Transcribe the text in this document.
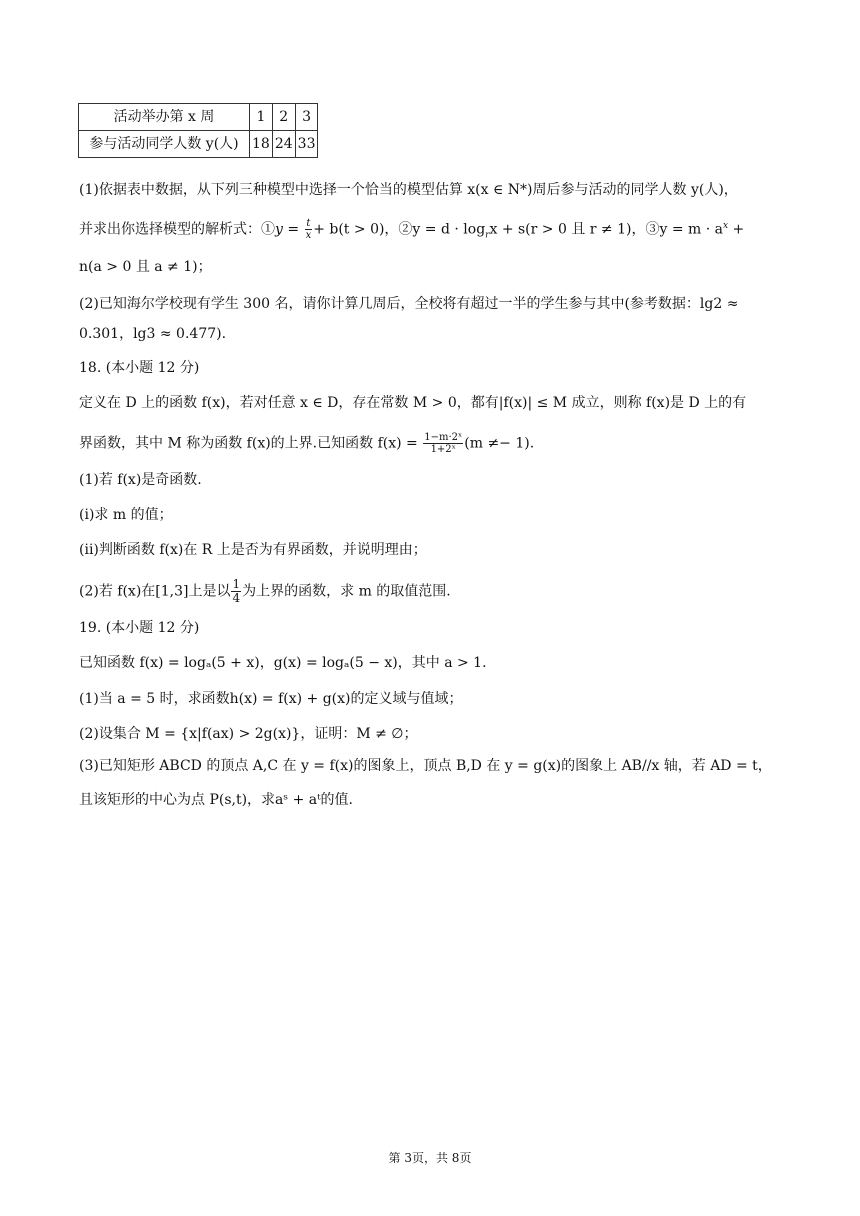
活动举办第 x 周	1	2	3
参与活动同学人数 y(人)	18	24	33
(1)依据表中数据，从下列三种模型中选择一个恰当的模型估算 x(x ∈ N*)周后参与活动的同学人数 y(人)，
并求出你选择模型的解析式：①y = $\frac{t}{x} + b(t > 0)$，②y = $d \cdot \log_rx + s(r > 0$ 且 r ≠ 1)，③y = $m \cdot a^x$ +
n(a > 0 且 a ≠ 1)；
(2)已知海尔学校现有学生 300 名，请你计算几周后，全校将有超过一半的学生参与其中(参考数据：lg2 ≈
0.301，lg3 ≈ 0.477).
18. (本小题 12 分)
定义在 D 上的函数 f(x)，若对任意 x ∈ D，存在常数 M > 0，都有|f(x)| ≤ M 成立，则称 f(x)是 D 上的有
界函数，其中 M 称为函数 f(x)的上界.已知函数 $f(x) = \frac{\text{1−m·2ˣ}}{\text{1+2ˣ}} (m \ne- 1)$.
(1)若 f(x)是奇函数.
(i)求 m 的值；
(ii)判断函数 f(x)在 R 上是否为有界函数，并说明理由；
(2)若 f(x)在[1,3]上是以 $\frac{1}{4}$ 为上界的函数，求 m 的取值范围.
19. (本小题 12 分)
已知函数 f(x) = logₐ(5 + x)，g(x) = logₐ(5 − x)，其中 a > 1.
(1)当 a = 5 时，求函数h(x) = f(x) + g(x)的定义域与值域；
(2)设集合 M = {x|f(ax) > 2g(x)}，证明：M ≠ ∅；
(3)已知矩形 ABCD 的顶点 A,C 在 y = f(x)的图象上，顶点 B,D 在 y = g(x)的图象上 AB//x 轴，若 AD = t，
且该矩形的中心为点 P(s,t)，求aˢ + aᵗ的值.
第 3页，共 8页
